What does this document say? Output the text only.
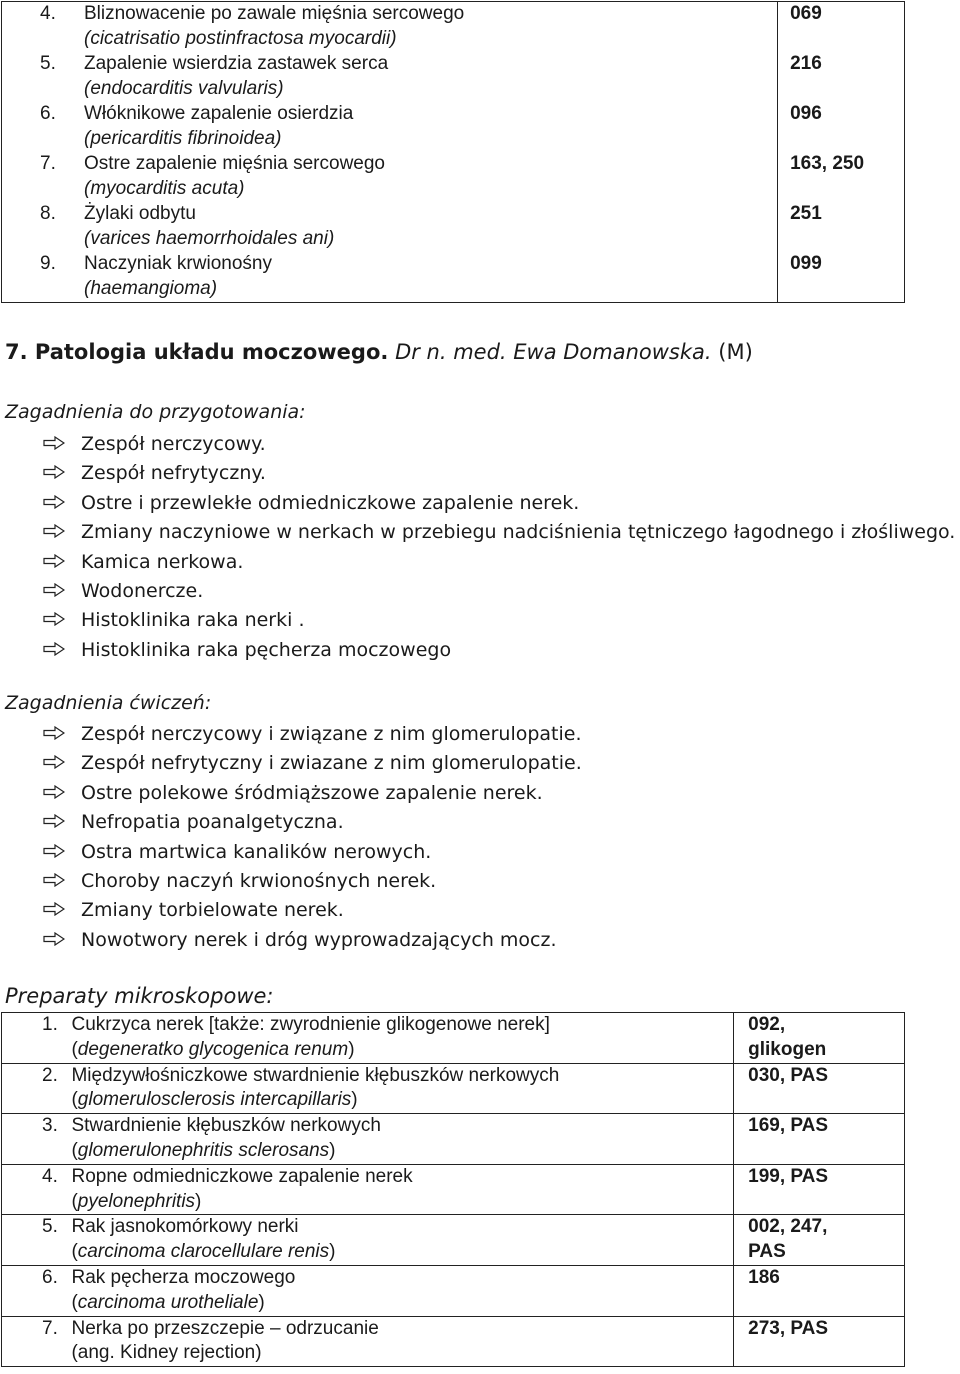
4. Bliznowacenie po zawale mięśnia sercowego
(cicatrisatio postinfractosa myocardii)	069

5. Zapalenie wsierdzia zastawek serca
(endocarditis valvularis)	216

6. Włóknikowe zapalenie osierdzia
(pericarditis fibrinoidea)	096

7. Ostre zapalenie mięśnia sercowego
(myocarditis acuta)	163, 250

8. Żylaki odbytu
(varices haemorrhoidales ani)	251

9. Naczyniak krwionośny
(haemangioma)	099
7. Patologia układu moczowego. Dr n. med. Ewa Domanowska. (M)
Zagadnienia do przygotowania:
Zespół nerczycowy.
Zespół nefrytyczny.
Ostre i przewlekłe odmiedniczkowe zapalenie nerek.
Zmiany naczyniowe w nerkach w przebiegu nadciśnienia tętniczego łagodnego i złośliwego.
Kamica nerkowa.
Wodonercze.
Histoklinika raka nerki .
Histoklinika raka pęcherza moczowego
Zagadnienia ćwiczeń:
Zespół nerczycowy i związane z nim glomerulopatie.
Zespół nefrytyczny i zwiazane z nim glomerulopatie.
Ostre polekowe śródmiąższowe zapalenie nerek.
Nefropatia poanalgetyczna.
Ostra martwica kanalików nerowych.
Choroby naczyń krwionośnych nerek.
Zmiany torbielowate nerek.
Nowotwory nerek i dróg wyprowadzających mocz.
Preparaty mikroskopowe:
1.	Cukrzyca nerek [także: zwyrodnienie glikogenowe nerek]
(degeneratko glycogenica renum)	092,
glikogen
2.	Międzywłośniczkowe stwardnienie kłębuszków nerkowych
(glomerulosclerosis intercapillaris)	030, PAS

3.	Stwardnienie kłębuszków nerkowych
(glomerulonephritis sclerosans)	169, PAS

4.	Ropne odmiedniczkowe zapalenie nerek
(pyelonephritis)	199, PAS

5.	Rak jasnokomórkowy nerki
(carcinoma clarocellulare renis)	002, 247,
PAS
6.	Rak pęcherza moczowego
(carcinoma urotheliale)	186

7.	Nerka po przeszczepie – odrzucanie
(ang. Kidney rejection)	273, PAS
